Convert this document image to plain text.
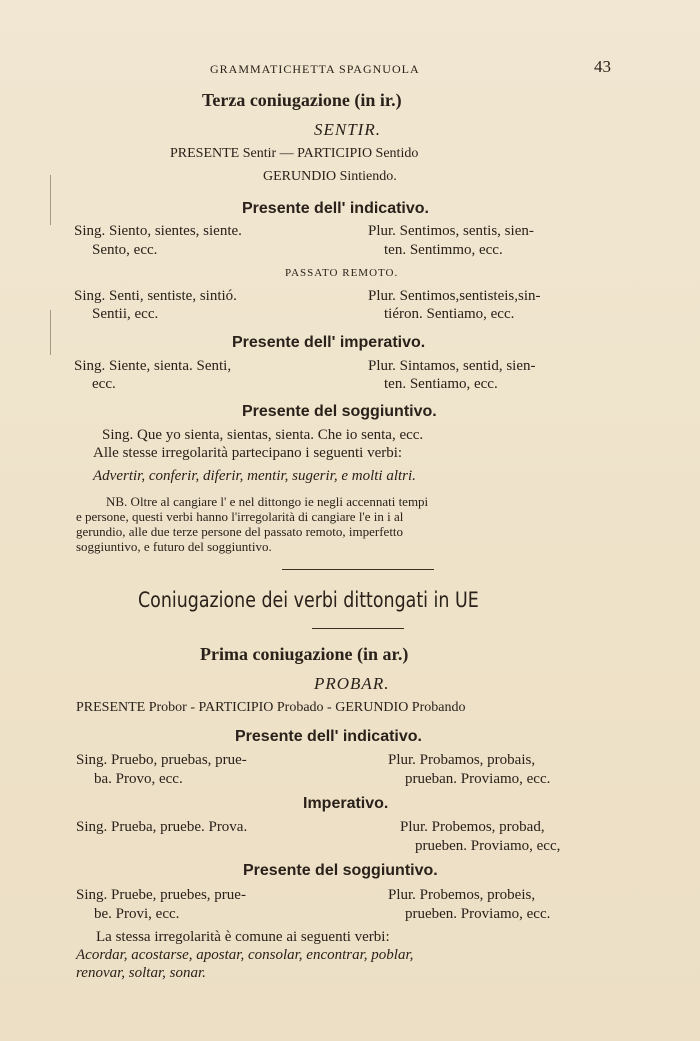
GRAMMATICHETTA SPAGNUOLA	43
Terza coniugazione (in ir.)
SENTIR.
PRESENTE Sentir — PARTICIPIO Sentido
GERUNDIO Sintiendo.
Presente dell' indicativo.
Sing. Siento, sientes, siente.	Plur. Sentimos, sentis, sien-
Sento, ecc.	ten. Sentimmo, ecc.
PASSATO REMOTO.
Sing. Senti, sentiste, sintió.	Plur. Sentimos,sentisteis,sin-
Sentii, ecc.	tiéron. Sentiamo, ecc.
Presente dell' imperativo.
Sing. Siente, sienta. Senti,	Plur. Sintamos, sentid, sien-
ecc.	ten. Sentiamo, ecc.
Presente del soggiuntivo.
Sing. Que yo sienta, sientas, sienta. Che io senta, ecc.
Alle stesse irregolarità partecipano i seguenti verbi:
Advertir, conferir, diferir, mentir, sugerir, e molti altri.
NB. Oltre al cangiare l' e nel dittongo ie negli accennati tempi
e persone, questi verbi hanno l'irregolarità di cangiare l'e in i al
gerundio, alle due terze persone del passato remoto, imperfetto
soggiuntivo, e futuro del soggiuntivo.
Coniugazione dei verbi dittongati in UE
Prima coniugazione (in ar.)
PROBAR.
PRESENTE Probor - PARTICIPIO Probado - GERUNDIO Probando
Presente dell' indicativo.
Sing. Pruebo, pruebas, prue-	Plur. Probamos, probais,
ba. Provo, ecc.	prueban. Proviamo, ecc.
Imperativo.
Sing. Prueba, pruebe. Prova.	Plur. Probemos, probad,
prueben. Proviamo, ecc,
Presente del soggiuntivo.
Sing. Pruebe, pruebes, prue-	Plur. Probemos, probeis,
be. Provi, ecc.	prueben. Proviamo, ecc.
La stessa irregolarità è comune ai seguenti verbi:
Acordar, acostarse, apostar, consolar, encontrar, poblar,
renovar, soltar, sonar.
